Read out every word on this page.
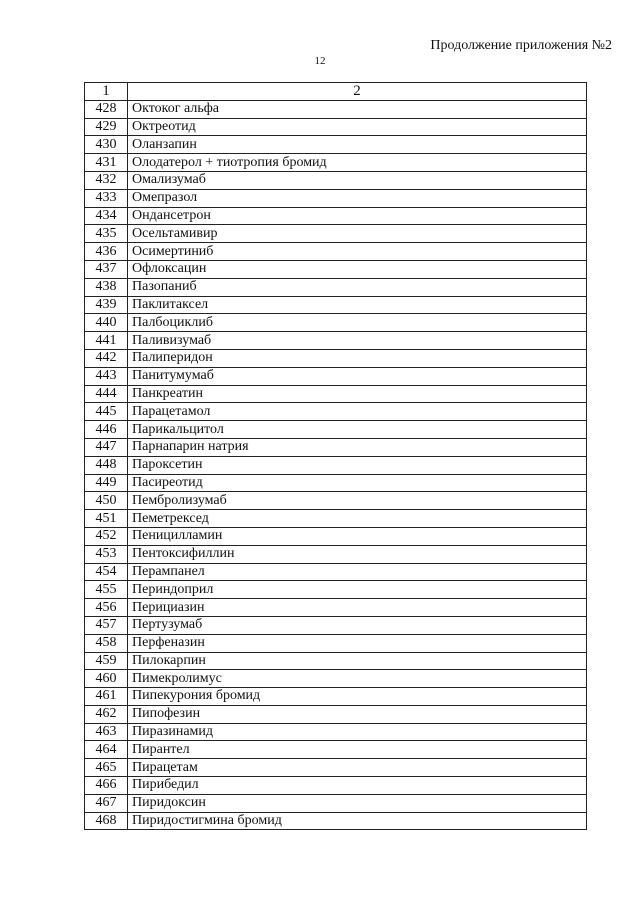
Продолжение приложения №2
12
1	2
428	Октоког альфа
429	Октреотид
430	Оланзапин
431	Олодатерол + тиотропия бромид
432	Омализумаб
433	Омепразол
434	Ондансетрон
435	Осельтамивир
436	Осимертиниб
437	Офлоксацин
438	Пазопаниб
439	Паклитаксел
440	Палбоциклиб
441	Паливизумаб
442	Палиперидон
443	Панитумумаб
444	Панкреатин
445	Парацетамол
446	Парикальцитол
447	Парнапарин натрия
448	Пароксетин
449	Пасиреотид
450	Пембролизумаб
451	Пеметрексед
452	Пеницилламин
453	Пентоксифиллин
454	Перампанел
455	Периндоприл
456	Перициазин
457	Пертузумаб
458	Перфеназин
459	Пилокарпин
460	Пимекролимус
461	Пипекурония бромид
462	Пипофезин
463	Пиразинамид
464	Пирантел
465	Пирацетам
466	Пирибедил
467	Пиридоксин
468	Пиридостигмина бромид
